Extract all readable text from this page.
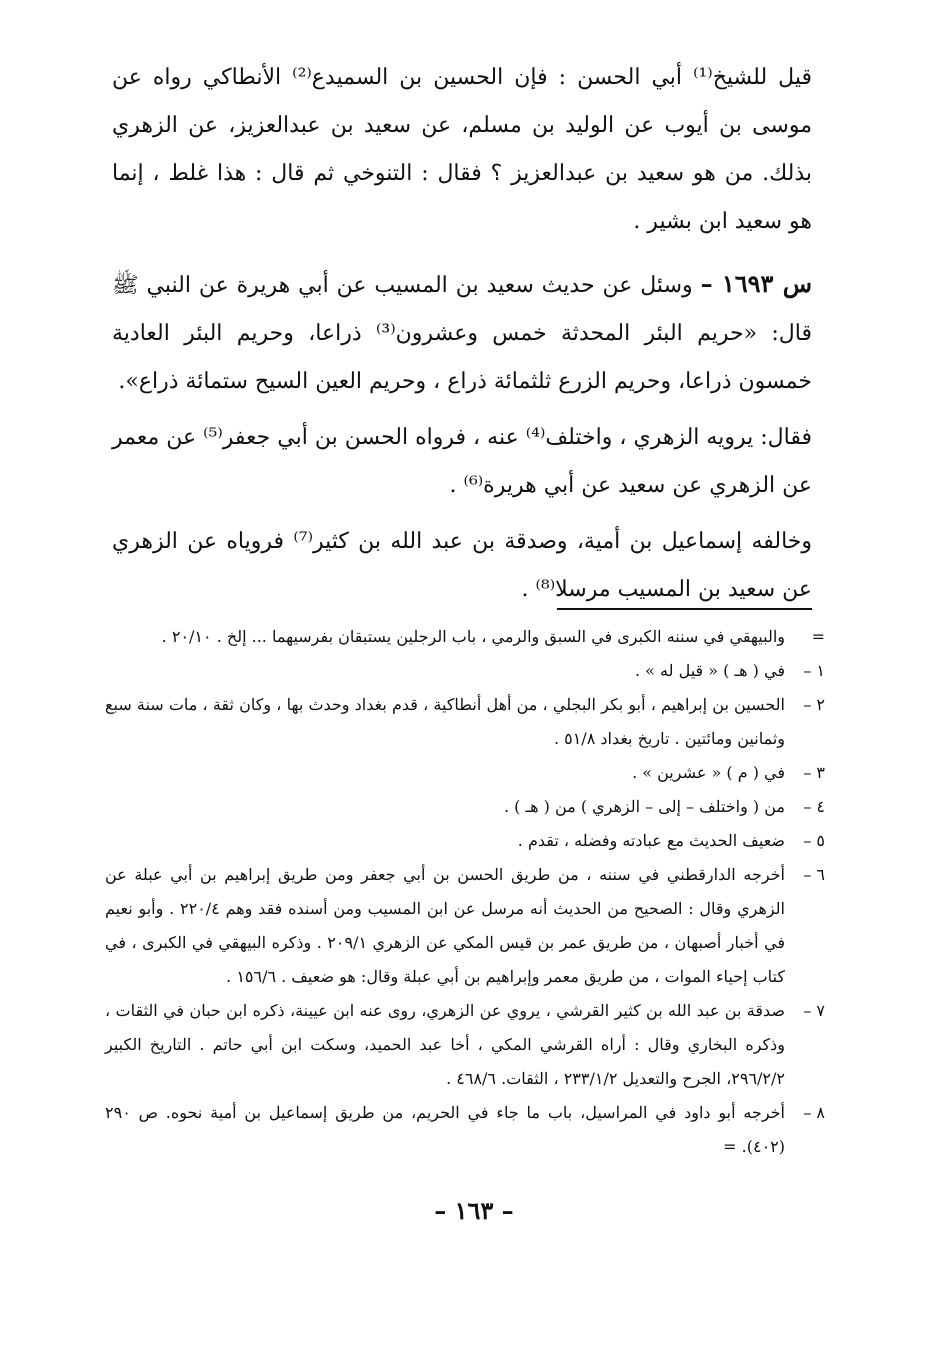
قيل للشيخ⁽¹⁾ أبي الحسن : فإن الحسين بن السميدع⁽²⁾ الأنطاكي رواه عن موسى بن أيوب عن الوليد بن مسلم، عن سعيد بن عبدالعزيز، عن الزهري بذلك. من هو سعيد بن عبدالعزيز ؟ فقال : التنوخي ثم قال : هذا غلط ، إنما هو سعيد ابن بشير .

س ١٦٩٣ – وسئل عن حديث سعيد بن المسيب عن أبي هريرة عن النبي ﷺ قال: «حريم البئر المحدثة خمس وعشرون⁽³⁾ ذراعا، وحريم البئر العادية خمسون ذراعا، وحريم الزرع ثلثمائة ذراع ، وحريم العين السيح ستمائة ذراع».

فقال: يرويه الزهري ، واختلف⁽⁴⁾ عنه ، فرواه الحسن بن أبي جعفر⁽⁵⁾ عن معمر عن الزهري عن سعيد عن أبي هريرة⁽⁶⁾ .

وخالفه إسماعيل بن أمية، وصدقة بن عبد الله بن كثير⁽⁷⁾ فروياه عن الزهري عن سعيد بن المسيب مرسلا⁽⁸⁾ .

=
والبيهقي في سننه الكبرى في السبق والرمي ، باب الرجلين يستبقان بفرسيهما ... إلخ . ٢٠/١٠ .
١ –
في ( هـ ) « قيل له » .
٢ –
الحسين بن إبراهيم ، أبو بكر البجلي ، من أهل أنطاكية ، قدم بغداد وحدث بها ، وكان ثقة ، مات سنة سبع وثمانين ومائتين . تاريخ بغداد ٥١/٨ .
٣ –
في ( م ) « عشرين » .
٤ –
من ( واختلف – إلى – الزهري ) من ( هـ ) .
٥ –
ضعيف الحديث مع عبادته وفضله ، تقدم .
٦ –
أخرجه الدارقطني في سننه ، من طريق الحسن بن أبي جعفر ومن طريق إبراهيم بن أبي عبلة عن الزهري وقال : الصحيح من الحديث أنه مرسل عن ابن المسيب ومن أسنده فقد وهم ٢٢٠/٤ . وأبو نعيم في أخبار أصبهان ، من طريق عمر بن قيس المكي عن الزهري ٢٠٩/١ . وذكره البيهقي في الكبرى ، في كتاب إحياء الموات ، من طريق معمر وإبراهيم بن أبي عبلة وقال: هو ضعيف . ١٥٦/٦ .
٧ –
صدقة بن عبد الله بن كثير القرشي ، يروي عن الزهري، روى عنه ابن عيينة، ذكره ابن حبان في الثقات ، وذكره البخاري وقال : أراه القرشي المكي ، أخا عبد الحميد، وسكت ابن أبي حاتم . التاريخ الكبير ٢٩٦/٢/٢، الجرح والتعديل ٢٣٣/١/٢ ، الثقات. ٤٦٨/٦ .
٨ –
أخرجه أبو داود في المراسيل، باب ما جاء في الحريم، من طريق إسماعيل بن أمية نحوه. ص ٢٩٠ (٤٠٢). =
– ١٦٣ –
